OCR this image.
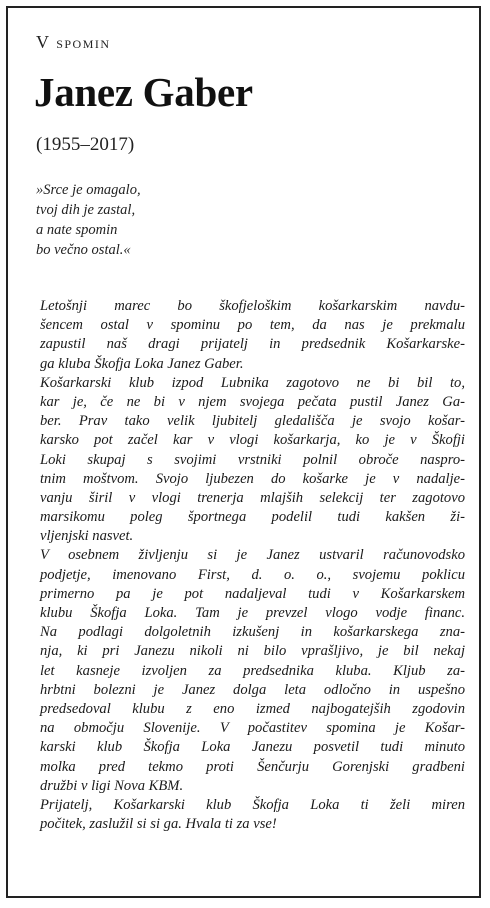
V spomin
Janez Gaber
(1955–2017)
»Srce je omagalo,
tvoj dih je zastal,
a nate spomin
bo večno ostal.«
Letošnji marec bo škofjeloškim košarkarskim navdu-
šencem ostal v spominu po tem, da nas je prekmalu
zapustil naš dragi prijatelj in predsednik Košarkarske-
ga kluba Škofja Loka Janez Gaber.
Košarkarski klub izpod Lubnika zagotovo ne bi bil to,
kar je, če ne bi v njem svojega pečata pustil Janez Ga-
ber. Prav tako velik ljubitelj gledališča je svojo košar-
karsko pot začel kar v vlogi košarkarja, ko je v Škofji
Loki skupaj s svojimi vrstniki polnil obroče naspro-
tnim moštvom. Svojo ljubezen do košarke je v nadalje-
vanju širil v vlogi trenerja mlajših selekcij ter zagotovo
marsikomu poleg športnega podelil tudi kakšen ži-
vljenjski nasvet.
V osebnem življenju si je Janez ustvaril računovodsko
podjetje, imenovano First, d. o. o., svojemu poklicu
primerno pa je pot nadaljeval tudi v Košarkarskem
klubu Škofja Loka. Tam je prevzel vlogo vodje financ.
Na podlagi dolgoletnih izkušenj in košarkarskega zna-
nja, ki pri Janezu nikoli ni bilo vprašljivo, je bil nekaj
let kasneje izvoljen za predsednika kluba. Kljub za-
hrbtni bolezni je Janez dolga leta odločno in uspešno
predsedoval klubu z eno izmed najbogatejših zgodovin
na območju Slovenije. V počastitev spomina je Košar-
karski klub Škofja Loka Janezu posvetil tudi minuto
molka pred tekmo proti Šenčurju Gorenjski gradbeni
družbi v ligi Nova KBM.
Prijatelj, Košarkarski klub Škofja Loka ti želi miren
počitek, zaslužil si si ga. Hvala ti za vse!
